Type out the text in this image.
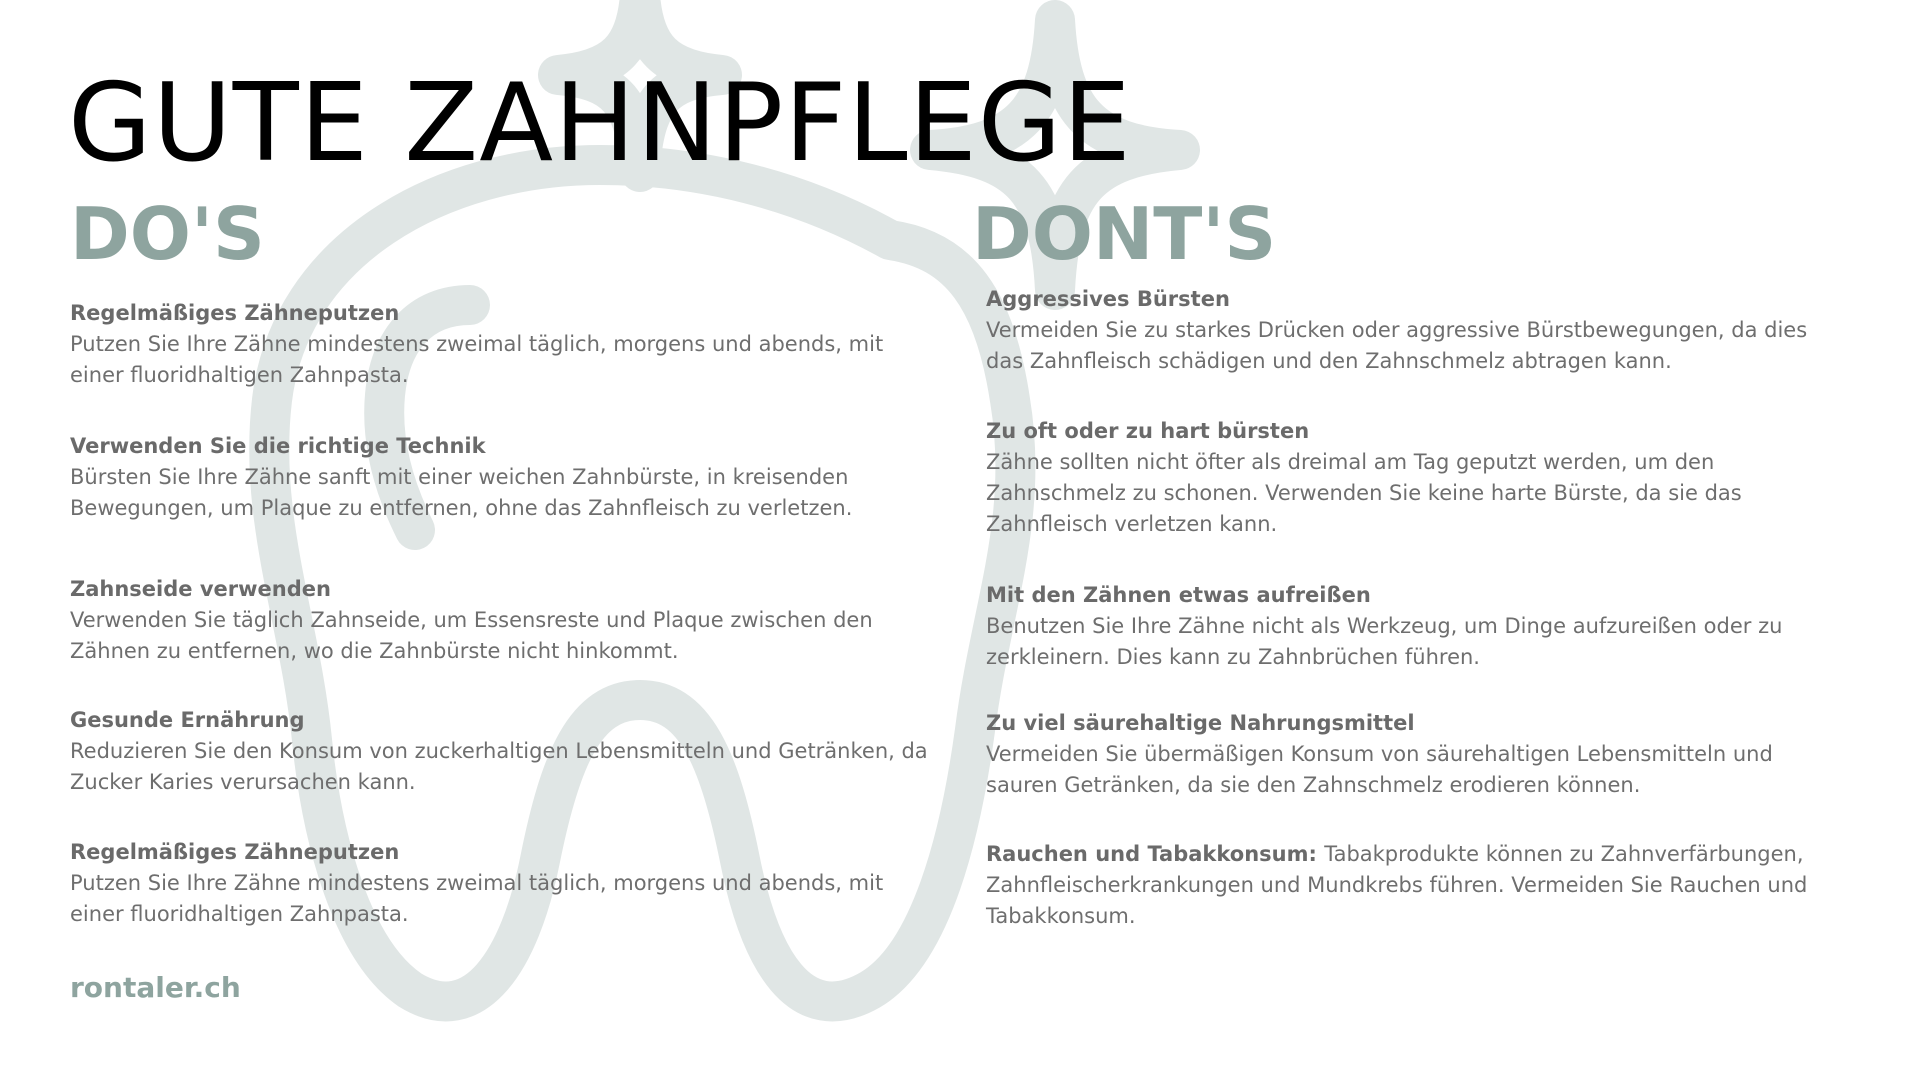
GUTE ZAHNPFLEGE
DO'S	DONT'S
Regelmäßiges Zähneputzen
Putzen Sie Ihre Zähne mindestens zweimal täglich, morgens und abends, mit einer fluoridhaltigen Zahnpasta.
Verwenden Sie die richtige Technik
Bürsten Sie Ihre Zähne sanft mit einer weichen Zahnbürste, in kreisenden Bewegungen, um Plaque zu entfernen, ohne das Zahnfleisch zu verletzen.
Zahnseide verwenden
Verwenden Sie täglich Zahnseide, um Essensreste und Plaque zwischen den Zähnen zu entfernen, wo die Zahnbürste nicht hinkommt.
Gesunde Ernährung
Reduzieren Sie den Konsum von zuckerhaltigen Lebensmitteln und Getränken, da Zucker Karies verursachen kann.
Regelmäßiges Zähneputzen
Putzen Sie Ihre Zähne mindestens zweimal täglich, morgens und abends, mit einer fluoridhaltigen Zahnpasta.
Aggressives Bürsten
Vermeiden Sie zu starkes Drücken oder aggressive Bürstbewegungen, da dies das Zahnfleisch schädigen und den Zahnschmelz abtragen kann.
Zu oft oder zu hart bürsten
Zähne sollten nicht öfter als dreimal am Tag geputzt werden, um den Zahnschmelz zu schonen. Verwenden Sie keine harte Bürste, da sie das Zahnfleisch verletzen kann.
Mit den Zähnen etwas aufreißen
Benutzen Sie Ihre Zähne nicht als Werkzeug, um Dinge aufzureißen oder zu zerkleinern. Dies kann zu Zahnbrüchen führen.
Zu viel säurehaltige Nahrungsmittel
Vermeiden Sie übermäßigen Konsum von säurehaltigen Lebensmitteln und sauren Getränken, da sie den Zahnschmelz erodieren können.
Rauchen und Tabakkonsum: Tabakprodukte können zu Zahnverfärbungen, Zahnfleischerkrankungen und Mundkrebs führen. Vermeiden Sie Rauchen und Tabakkonsum.
rontaler.ch
